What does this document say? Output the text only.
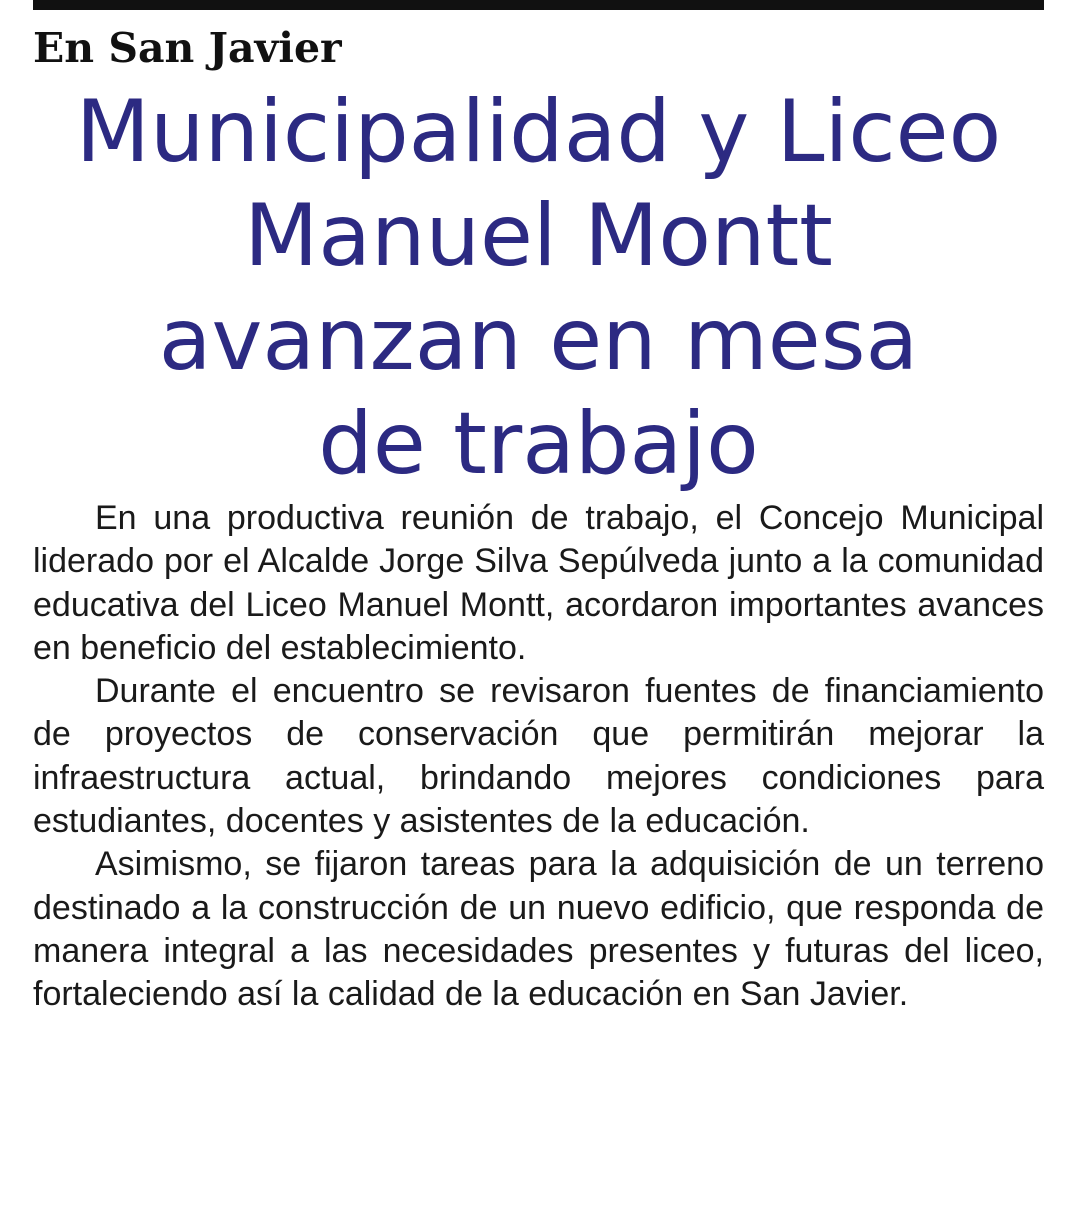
En San Javier
Municipalidad y Liceo
Manuel Montt
avanzan en mesa
de trabajo

En una productiva reunión de trabajo, el Concejo Municipal liderado por el Alcalde Jorge Silva Sepúlveda junto a la comunidad educativa del Liceo Manuel Montt, acordaron importantes avances en beneficio del establecimiento.

Durante el encuentro se revisaron fuentes de financiamiento de proyectos de conservación que permitirán mejorar la infraestructura actual, brindando mejores condiciones para estudiantes, docentes y asistentes de la educación.

Asimismo, se fijaron tareas para la adquisición de un terreno destinado a la construcción de un nuevo edificio, que responda de manera integral a las necesidades presentes y futuras del liceo, fortaleciendo así la calidad de la educación en San Javier.
